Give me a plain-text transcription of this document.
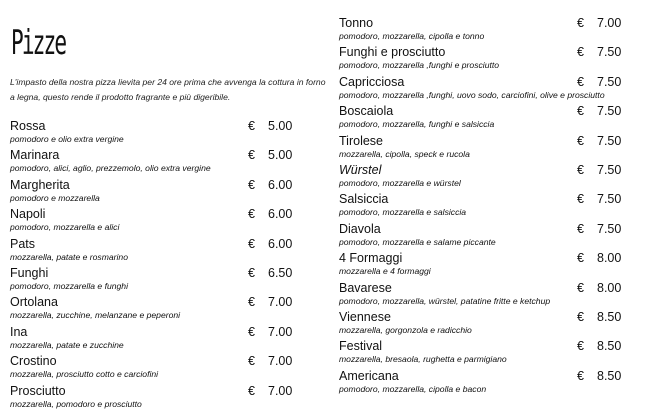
Pizze
L'impasto della nostra pizza lievita per 24 ore prima che avvenga la cottura in forno a legna, questo rende il prodotto fragrante e più digeribile.
Rossa
pomodoro e olio extra vergine
€ 5.00
Marinara
pomodoro, alici, aglio, prezzemolo, olio extra vergine
€ 5.00
Margherita
pomodoro e mozzarella
€ 6.00
Napoli
pomodoro, mozzarella e alici
€ 6.00
Pats
mozzarella, patate e rosmarino
€ 6.00
Funghi
pomodoro, mozzarella e funghi
€ 6.50
Ortolana
mozzarella, zucchine, melanzane e peperoni
€ 7.00
Ina
mozzarella, patate e zucchine
€ 7.00
Crostino
mozzarella, prosciutto cotto e carciofini
€ 7.00
Prosciutto
mozzarella, pomodoro e prosciutto
€ 7.00
Tonno
pomodoro, mozzarella, cipolla e tonno
€ 7.00
Funghi e prosciutto
pomodoro, mozzarella ,funghi e prosciutto
€ 7.50
Capricciosa
pomodoro, mozzarella ,funghi, uovo sodo, carciofini, olive e prosciutto
€ 7.50
Boscaiola
pomodoro, mozzarella, funghi e salsiccia
€ 7.50
Tirolese
mozzarella, cipolla, speck e rucola
€ 7.50
Würstel
pomodoro, mozzarella e würstel
€ 7.50
Salsiccia
pomodoro, mozzarella e salsiccia
€ 7.50
Diavola
pomodoro, mozzarella e salame piccante
€ 7.50
4 Formaggi
mozzarella e 4 formaggi
€ 8.00
Bavarese
pomodoro, mozzarella, würstel, patatine fritte e ketchup
€ 8.00
Viennese
mozzarella, gorgonzola e radicchio
€ 8.50
Festival
mozzarella, bresaola, rughetta e parmigiano
€ 8.50
Americana
pomodoro, mozzarella, cipolla e bacon
€ 8.50
